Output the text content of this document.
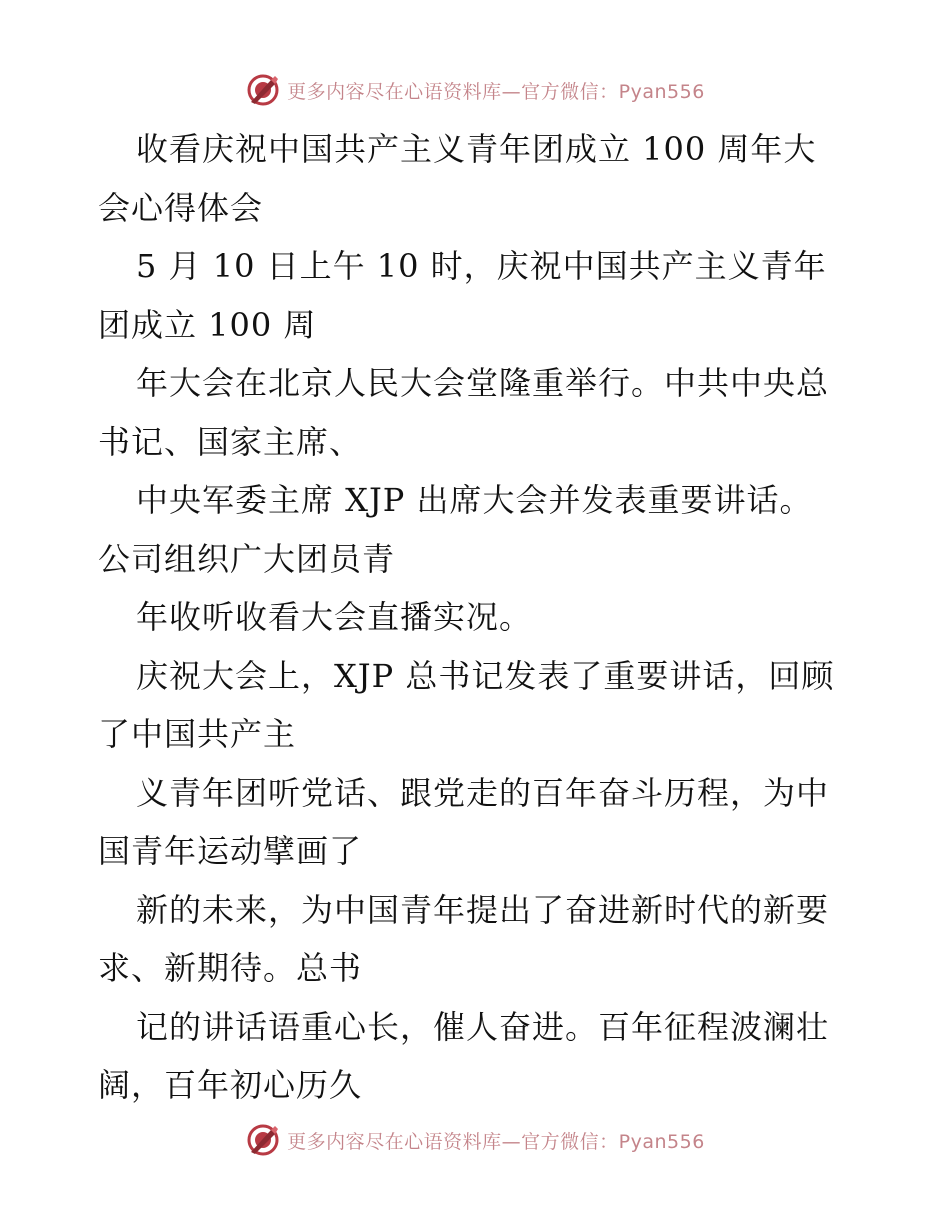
更多内容尽在心语资料库—官方微信：Pyan556
收看庆祝中国共产主义青年团成立 100 周年大
会心得体会
5 月 10 日上午 10 时，庆祝中国共产主义青年
团成立 100 周
年大会在北京人民大会堂隆重举行。中共中央总
书记、国家主席、
中央军委主席 XJP 出席大会并发表重要讲话。
公司组织广大团员青
年收听收看大会直播实况。
庆祝大会上，XJP 总书记发表了重要讲话，回顾
了中国共产主
义青年团听党话、跟党走的百年奋斗历程，为中
国青年运动擘画了
新的未来，为中国青年提出了奋进新时代的新要
求、新期待。总书
记的讲话语重心长，催人奋进。百年征程波澜壮
阔，百年初心历久
更多内容尽在心语资料库—官方微信：Pyan556
